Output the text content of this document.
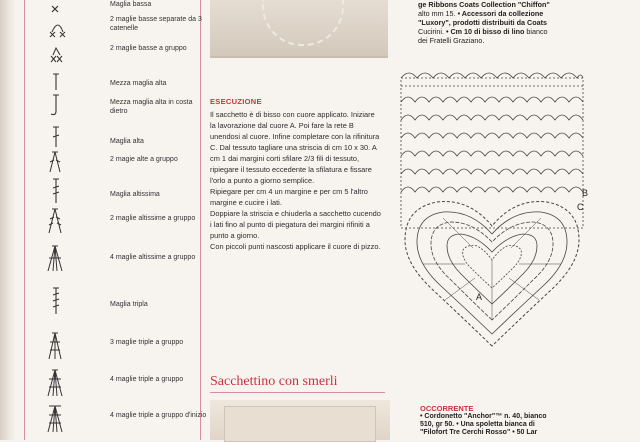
Maglia bassa
2 maglie basse separate da 3 catenelle
2 maglie basse a gruppo
Mezza maglia alta
Mezza maglia alta in costa dietro
Maglia alta
2 magie alte a gruppo
Maglia altissima
2 maglie altissime a gruppo
4 maglie altissime a gruppo
Maglia tripla
3 maglie triple a gruppo
4 maglie triple a gruppo
4 maglie triple a gruppo d'inizio
ge Ribbons Coats Collection "Chiffon"
alto mm 15. • Accessori da collezione
"Luxory", prodotti distribuiti da Coats
Cucirini. • Cm 10 di bisso di lino bianco
dei Fratelli Graziano.
ESECUZIONE
Il sacchetto è di bisso con cuore applicato. Iniziare la lavorazione dal cuore A. Poi fare la rete B unendosi al cuore. Infine completare con la rifinitura C. Dal tessuto tagliare una striscia di cm 10 x 30. A cm 1 dai margini corti sfilare 2/3 fili di tessuto, ripiegare il tessuto eccedente la sfilatura e fissare l'orlo a punto a giorno semplice.
Ripiegare per cm 4 un margine e per cm 5 l'altro margine e cucire i lati.
Doppiare la striscia e chiuderla a sacchetto cucendo i lati fino al punto di piegatura dei margini rifiniti a punto a giorno.
Con piccoli punti nascosti applicare il cuore di pizzo.
A
B
C
Sacchettino con smerli
OCCORRENTE
• Cordonetto "Anchor"™ n. 40, bianco
510, gr 50. • Una spoletta bianca di
"Filofort Tre Cerchi Rosso" • 50 Lar
